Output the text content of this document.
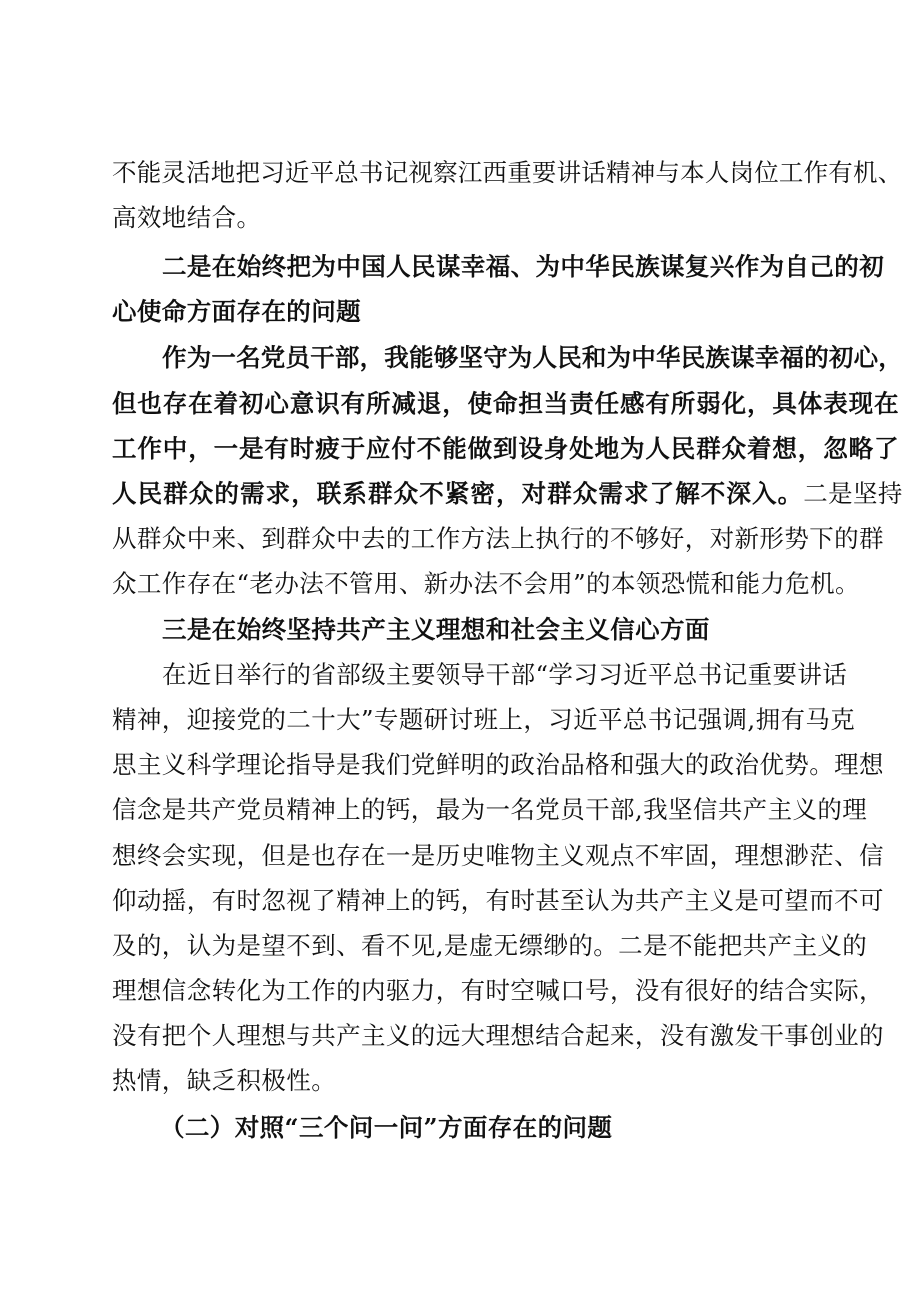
不能灵活地把习近平总书记视察江西重要讲话精神与本人岗位工作有机、
高效地结合。
二是在始终把为中国人民谋幸福、为中华民族谋复兴作为自己的初
心使命方面存在的问题
作为一名党员干部，我能够坚守为人民和为中华民族谋幸福的初心，
但也存在着初心意识有所减退，使命担当责任感有所弱化，具体表现在
工作中，一是有时疲于应付不能做到设身处地为人民群众着想，忽略了
人民群众的需求，联系群众不紧密，对群众需求了解不深入。二是坚持
从群众中来、到群众中去的工作方法上执行的不够好，对新形势下的群
众工作存在“老办法不管用、新办法不会用”的本领恐慌和能力危机。
三是在始终坚持共产主义理想和社会主义信心方面
在近日举行的省部级主要领导干部“学习习近平总书记重要讲话
精神，迎接党的二十大”专题研讨班上，习近平总书记强调,拥有马克
思主义科学理论指导是我们党鲜明的政治品格和强大的政治优势。理想
信念是共产党员精神上的钙，最为一名党员干部,我坚信共产主义的理
想终会实现，但是也存在一是历史唯物主义观点不牢固，理想渺茫、信
仰动摇，有时忽视了精神上的钙，有时甚至认为共产主义是可望而不可
及的，认为是望不到、看不见,是虚无缥缈的。二是不能把共产主义的
理想信念转化为工作的内驱力，有时空喊口号，没有很好的结合实际，
没有把个人理想与共产主义的远大理想结合起来，没有激发干事创业的
热情，缺乏积极性。
（二）对照“三个问一问”方面存在的问题
